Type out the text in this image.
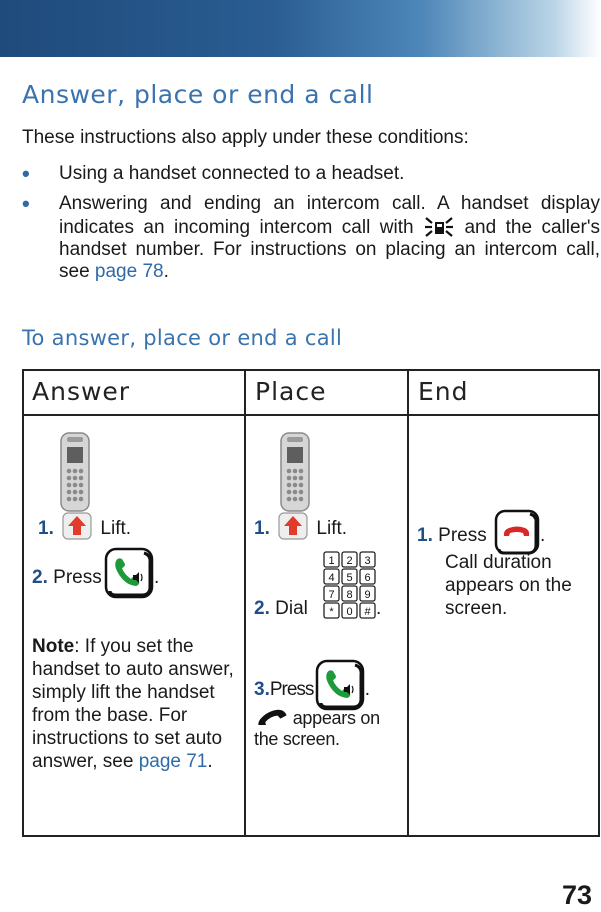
Answer, place or end a call
These instructions also apply under these conditions:
• Using a handset connected to a headset.
• Answering and ending an intercom call. A handset display indicates an incoming intercom call with	and the caller's handset number. For instructions on placing an intercom call, see page 78.
To answer, place or end a call
Answer	Place	End
1. Lift.
2. Press	.
Note: If you set the handset to auto answer, simply lift the handset from the base. For instructions to set auto answer, see page 71.
1. Lift.
1 2 3
4 5 6
7 8 9
* 0 #
2. Dial	.
3.Press	.
appears on the screen.
1. Press	.
Call duration appears on the screen.
73
